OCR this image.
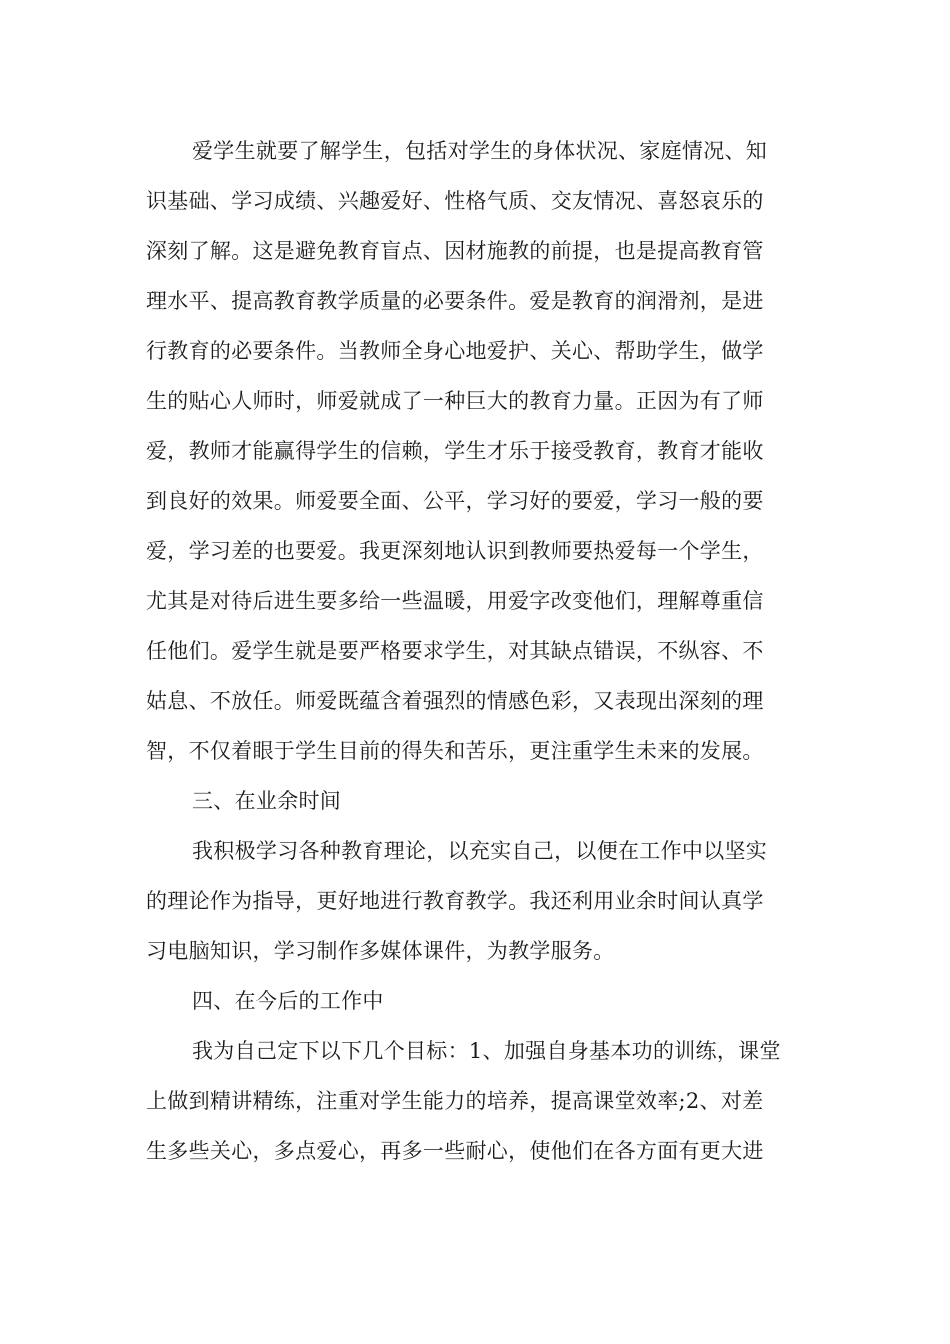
爱学生就要了解学生，包括对学生的身体状况、家庭情况、知
识基础、学习成绩、兴趣爱好、性格气质、交友情况、喜怒哀乐的
深刻了解。这是避免教育盲点、因材施教的前提，也是提高教育管
理水平、提高教育教学质量的必要条件。爱是教育的润滑剂，是进
行教育的必要条件。当教师全身心地爱护、关心、帮助学生，做学
生的贴心人师时，师爱就成了一种巨大的教育力量。正因为有了师
爱，教师才能赢得学生的信赖，学生才乐于接受教育，教育才能收
到良好的效果。师爱要全面、公平，学习好的要爱，学习一般的要
爱，学习差的也要爱。我更深刻地认识到教师要热爱每一个学生，
尤其是对待后进生要多给一些温暖，用爱字改变他们，理解尊重信
任他们。爱学生就是要严格要求学生，对其缺点错误，不纵容、不
姑息、不放任。师爱既蕴含着强烈的情感色彩，又表现出深刻的理
智，不仅着眼于学生目前的得失和苦乐，更注重学生未来的发展。
三、在业余时间
我积极学习各种教育理论，以充实自己，以便在工作中以坚实
的理论作为指导，更好地进行教育教学。我还利用业余时间认真学
习电脑知识，学习制作多媒体课件，为教学服务。
四、在今后的工作中
我为自己定下以下几个目标：1、加强自身基本功的训练，课堂
上做到精讲精练，注重对学生能力的培养，提高课堂效率;2、对差
生多些关心，多点爱心，再多一些耐心，使他们在各方面有更大进
